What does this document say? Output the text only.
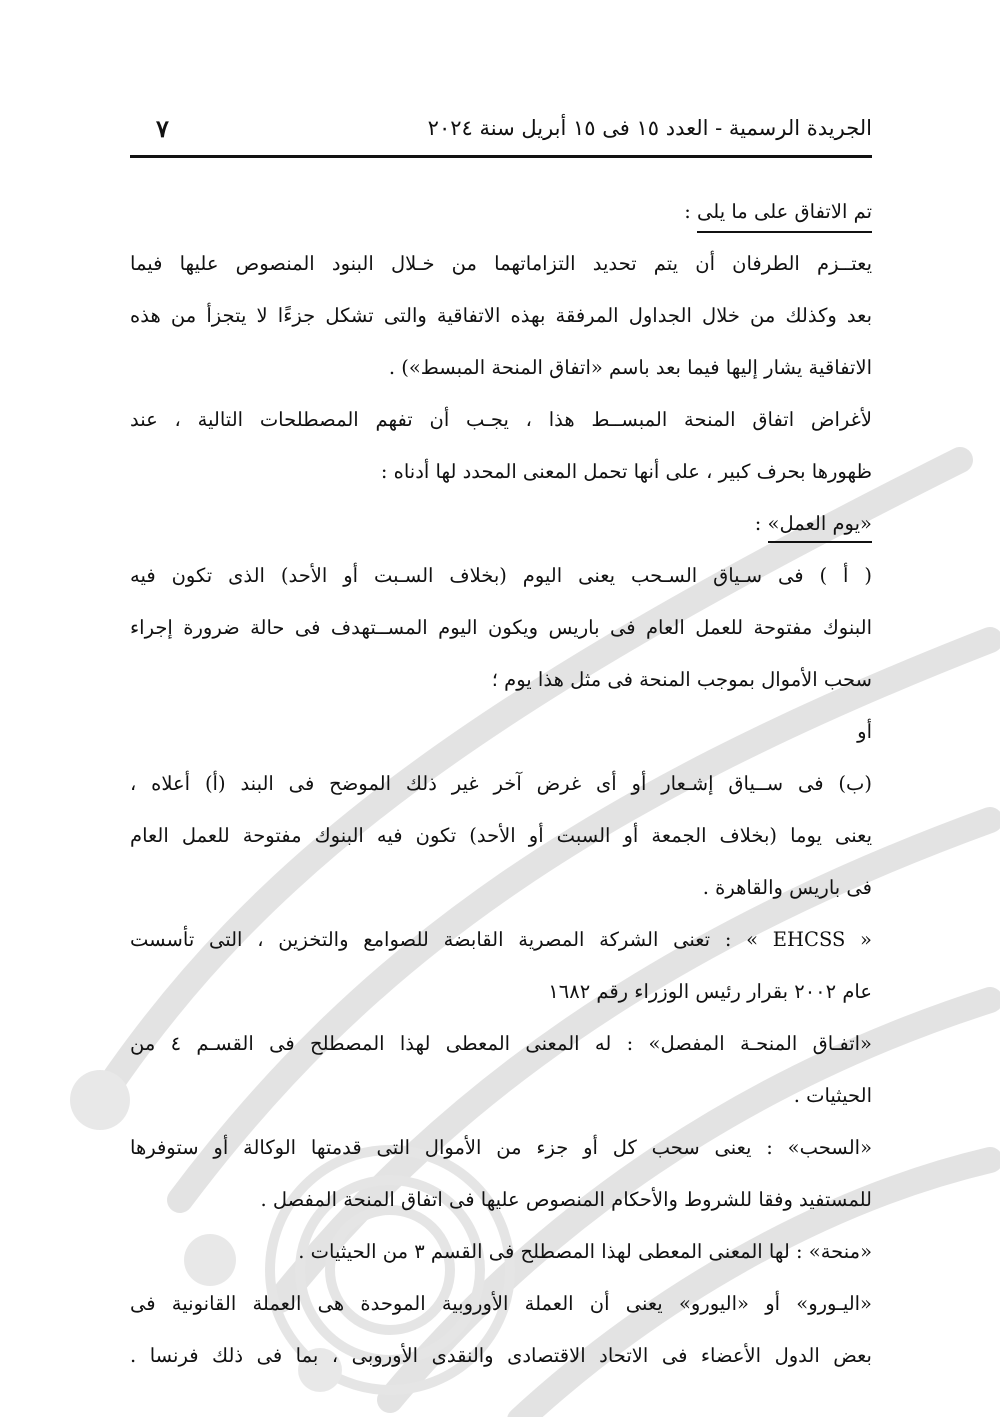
الجريدة الرسمية - العدد ١٥ فى ١٥ أبريل سنة ٢٠٢٤
٧
تم الاتفاق على ما يلى :
يعتــزم الطرفان أن يتم تحديد التزاماتهما من خـلال البنود المنصوص عليها فيما
بعد وكذلك من خلال الجداول المرفقة بهذه الاتفاقية والتى تشكل جزءًا لا يتجزأ من هذه
الاتفاقية يشار إليها فيما بعد باسم «اتفاق المنحة المبسط») .
لأغراض اتفاق المنحة المبســط هذا ، يجـب أن تفهم المصطلحات التالية ، عند
ظهورها بحرف كبير ، على أنها تحمل المعنى المحدد لها أدناه :
«يوم العمل» :
( أ ) فى سـياق السـحب يعنى اليوم (بخلاف السـبت أو الأحد) الذى تكون فيه
البنوك مفتوحة للعمل العام فى باريس ويكون اليوم المســتهدف فى حالة ضرورة إجراء
سحب الأموال بموجب المنحة فى مثل هذا يوم ؛
أو
(ب) فى ســياق إشـعار أو أى غرض آخر غير ذلك الموضح فى البند (أ) أعلاه ،
يعنى يوما (بخلاف الجمعة أو السبت أو الأحد) تكون فيه البنوك مفتوحة للعمل العام
فى باريس والقاهرة .
« EHCSS » : تعنى الشركة المصرية القابضة للصوامع والتخزين ، التى تأسست
عام ٢٠٠٢ بقرار رئيس الوزراء رقم ١٦٨٢
«اتفـاق المنحـة المفصل» : له المعنى المعطى لهذا المصطلح فى القسـم ٤ من
الحيثيات .
«السحب» : يعنى سحب كل أو جزء من الأموال التى قدمتها الوكالة أو ستوفرها
للمستفيد وفقا للشروط والأحكام المنصوص عليها فى اتفاق المنحة المفصل .
«منحة» : لها المعنى المعطى لهذا المصطلح فى القسم ٣ من الحيثيات .
«اليـورو» أو «اليورو» يعنى أن العملة الأوروبية الموحدة هى العملة القانونية فى
بعض الدول الأعضاء فى الاتحاد الاقتصادى والنقدى الأوروبى ، بما فى ذلك فرنسا .
